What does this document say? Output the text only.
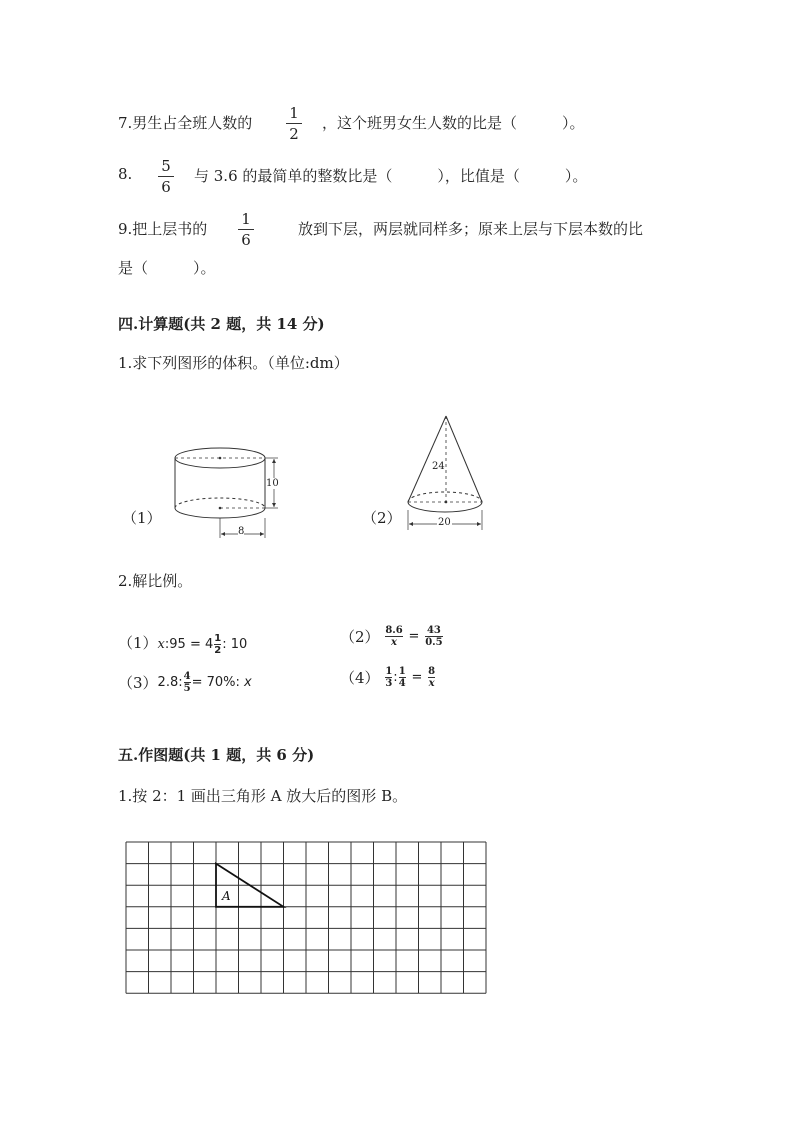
7.男生占全班人数的
1
2
，这个班男女生人数的比是（　　　）。
8. 5
6
与 3.6 的最简单的整数比是（　　　），比值是（　　　）。
9.把上层书的
1
6
放到下层，两层就同样多；原来上层与下层本数的比
是（　　　）。
四.计算题(共 2 题，共 14 分)
1.求下列图形的体积。（单位:dm）
（1）
10
8
（2）
24
20
2.解比例。
（1）x:95 = $4\frac{1}{2}$: 10	$(2) \frac{8.6}{x} = \frac{43}{0.5}$
$(3)2.8:\frac{4}{5}= 70\%$: x	$(4) \frac{1}{3}:\frac{1}{4} = \frac{8}{x}$
五.作图题(共 1 题，共 6 分)
1.按 2：1 画出三角形 A 放大后的图形 B。
A
